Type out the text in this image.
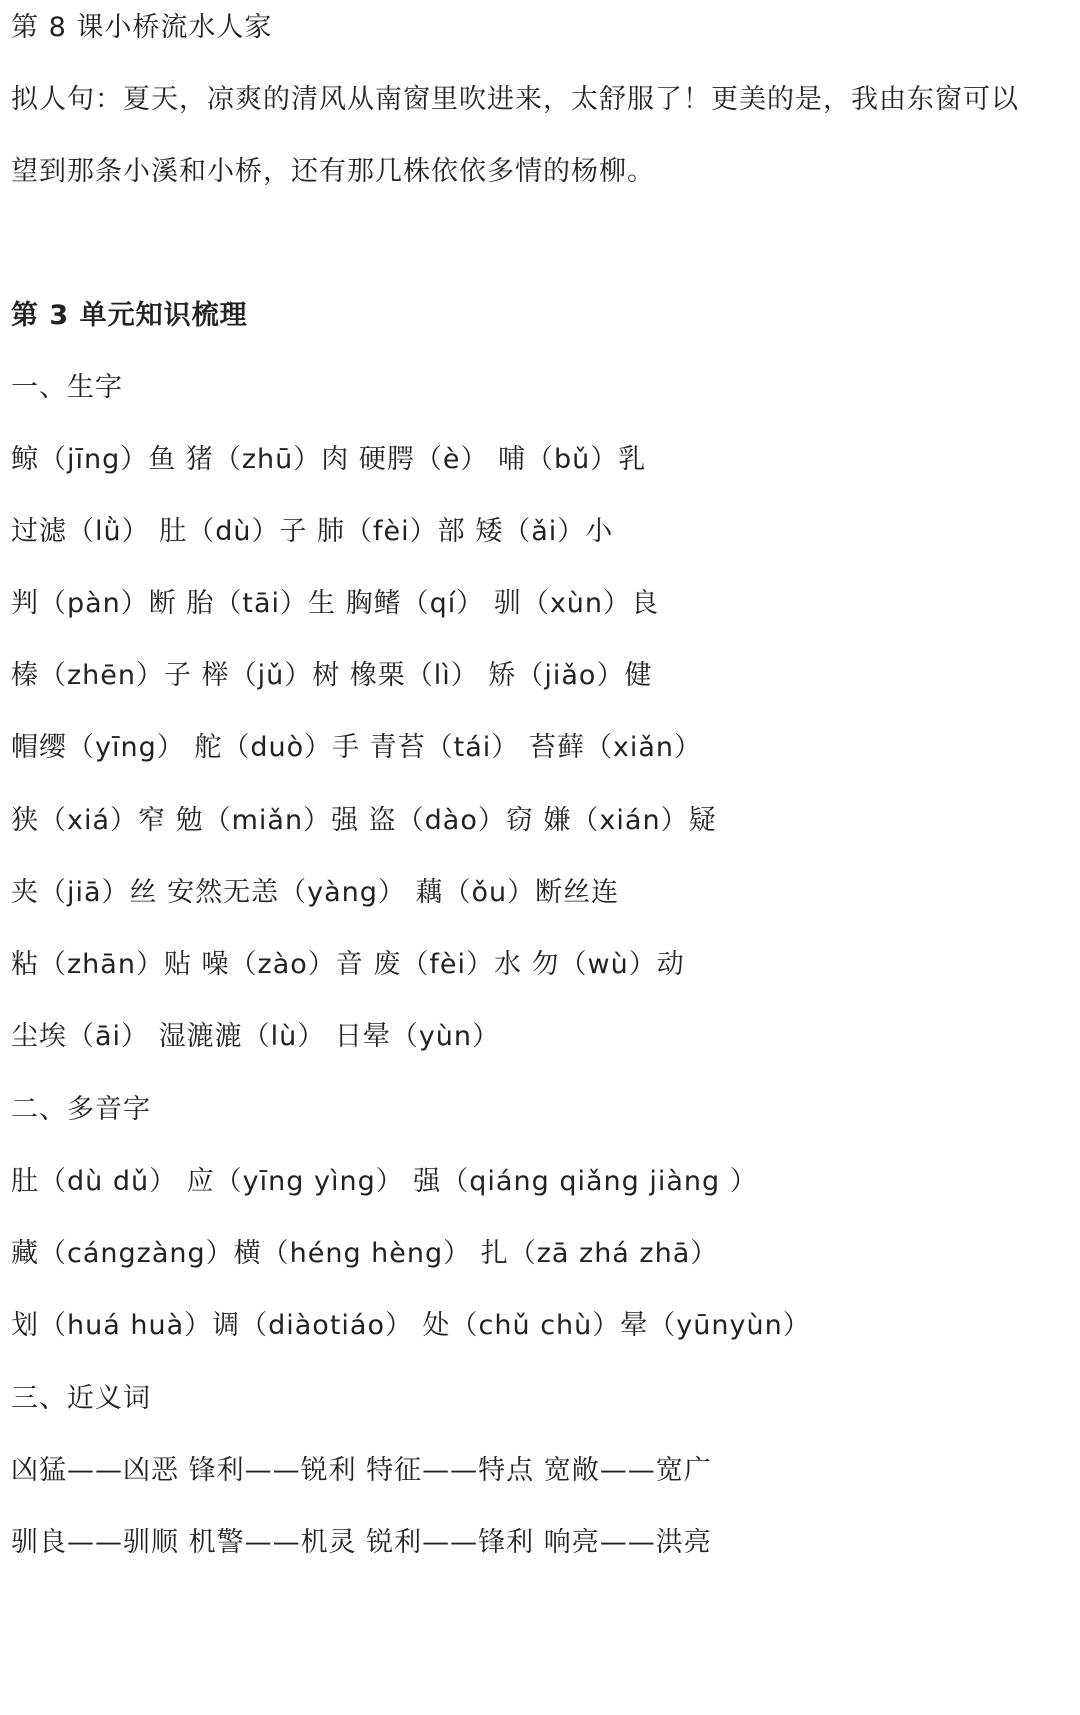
第 8 课小桥流水人家
拟人句：夏天，凉爽的清风从南窗里吹进来，太舒服了！更美的是，我由东窗可以
望到那条小溪和小桥，还有那几株依依多情的杨柳。
第 3 单元知识梳理
一、生字
鲸（jīng）鱼 猪（zhū）肉 硬腭（è） 哺（bǔ）乳
过滤（lǜ） 肚（dù）子 肺（fèi）部 矮（ǎi）小
判（pàn）断 胎（tāi）生 胸鳍（qí） 驯（xùn）良
榛（zhēn）子 榉（jǔ）树 橡栗（lì） 矫（jiǎo）健
帽缨（yīng） 舵（duò）手 青苔（tái） 苔藓（xiǎn）
狭（xiá）窄 勉（miǎn）强 盗（dào）窃 嫌（xián）疑
夹（jiā）丝 安然无恙（yàng） 藕（ǒu）断丝连
粘（zhān）贴 噪（zào）音 废（fèi）水 勿（wù）动
尘埃（āi） 湿漉漉（lù） 日晕（yùn）
二、多音字
肚（dù dǔ） 应（yīng yìng） 强（qiáng qiǎng jiàng ）
藏（cángzàng）横（héng hèng） 扎（zā zhá zhā）
划（huá huà）调（diàotiáo） 处（chǔ chù）晕（yūnyùn）
三、近义词
凶猛——凶恶 锋利——锐利 特征——特点 宽敞——宽广
驯良——驯顺 机警——机灵 锐利——锋利 响亮——洪亮
